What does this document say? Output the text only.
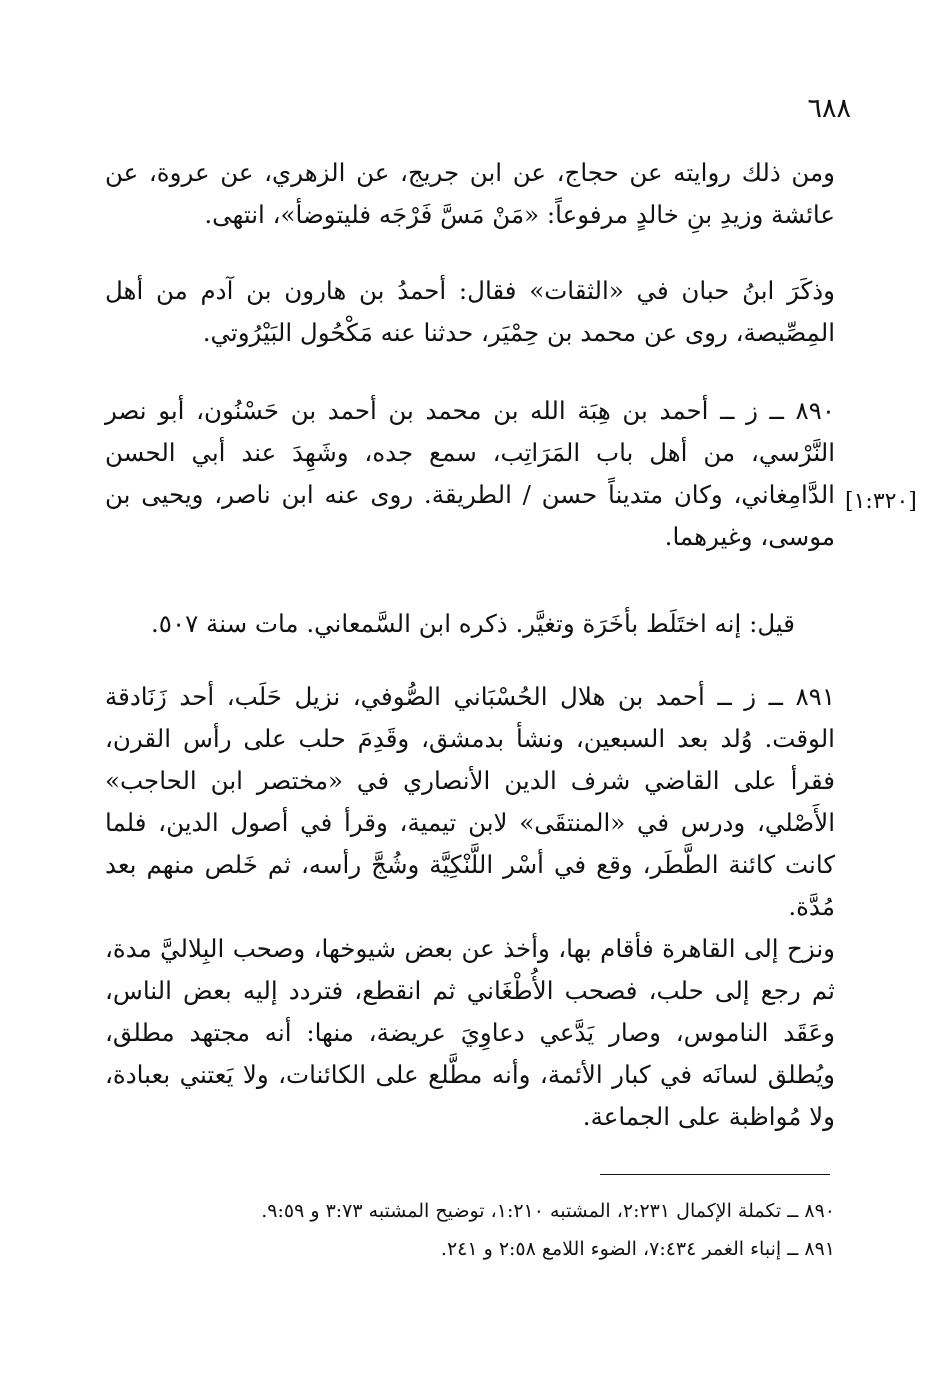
٦٨٨

ومن ذلك روايته عن حجاج، عن ابن جريج، عن الزهري، عن عروة، عن عائشة وزيدِ بنِ خالدٍ مرفوعاً: «مَنْ مَسَّ فَرْجَه فليتوضأ»، انتهى.

وذكَرَ ابنُ حبان في «الثقات» فقال: أحمدُ بن هارون بن آدم من أهل المِصِّيصة، روى عن محمد بن حِمْيَر، حدثنا عنه مَكْحُول البَيْرُوتي.

٨٩٠ ــ ز ــ أحمد بن هِبَة الله بن محمد بن أحمد بن حَسْنُون، أبو نصر النَّرْسي، من أهل باب المَرَاتِب، سمع جده، وشَهِدَ عند أبي الحسن الدَّامِغاني، وكان متديناً حسن / الطريقة. روى عنه ابن ناصر، ويحيى بن موسى، وغيرهما.

[١:٣٢٠]

قيل: إنه اختَلَط بأخَرَة وتغيَّر. ذكره ابن السَّمعاني. مات سنة ٥٠٧.

٨٩١ ــ ز ــ أحمد بن هلال الحُسْبَاني الصُّوفي، نزيل حَلَب، أحد زَنَادقة الوقت. وُلد بعد السبعين، ونشأ بدمشق، وقَدِمَ حلب على رأس القرن، فقرأ على القاضي شرف الدين الأنصاري في «مختصر ابن الحاجب» الأَصْلي، ودرس في «المنتقَى» لابن تيمية، وقرأ في أصول الدين، فلما كانت كائنة الطَّطَر، وقع في أسْر اللَّنْكِيَّة وشُجَّ رأسه، ثم خَلص منهم بعد مُدَّة.

ونزح إلى القاهرة فأقام بها، وأخذ عن بعض شيوخها، وصحب البِلاليَّ مدة، ثم رجع إلى حلب، فصحب الأُطْغَاني ثم انقطع، فتردد إليه بعض الناس، وعَقَد الناموس، وصار يَدَّعي دعاوِيَ عريضة، منها: أنه مجتهد مطلق، ويُطلق لسانَه في كبار الأئمة، وأنه مطَّلع على الكائنات، ولا يَعتني بعبادة، ولا مُواظبة على الجماعة.

٨٩٠ ــ تكملة الإكمال ٢:٢٣١، المشتبه ١:٢١٠، توضيح المشتبه ٣:٧٣ و ٩:٥٩.

٨٩١ ــ إنباء الغمر ٧:٤٣٤، الضوء اللامع ٢:٥٨ و ٢٤١.
